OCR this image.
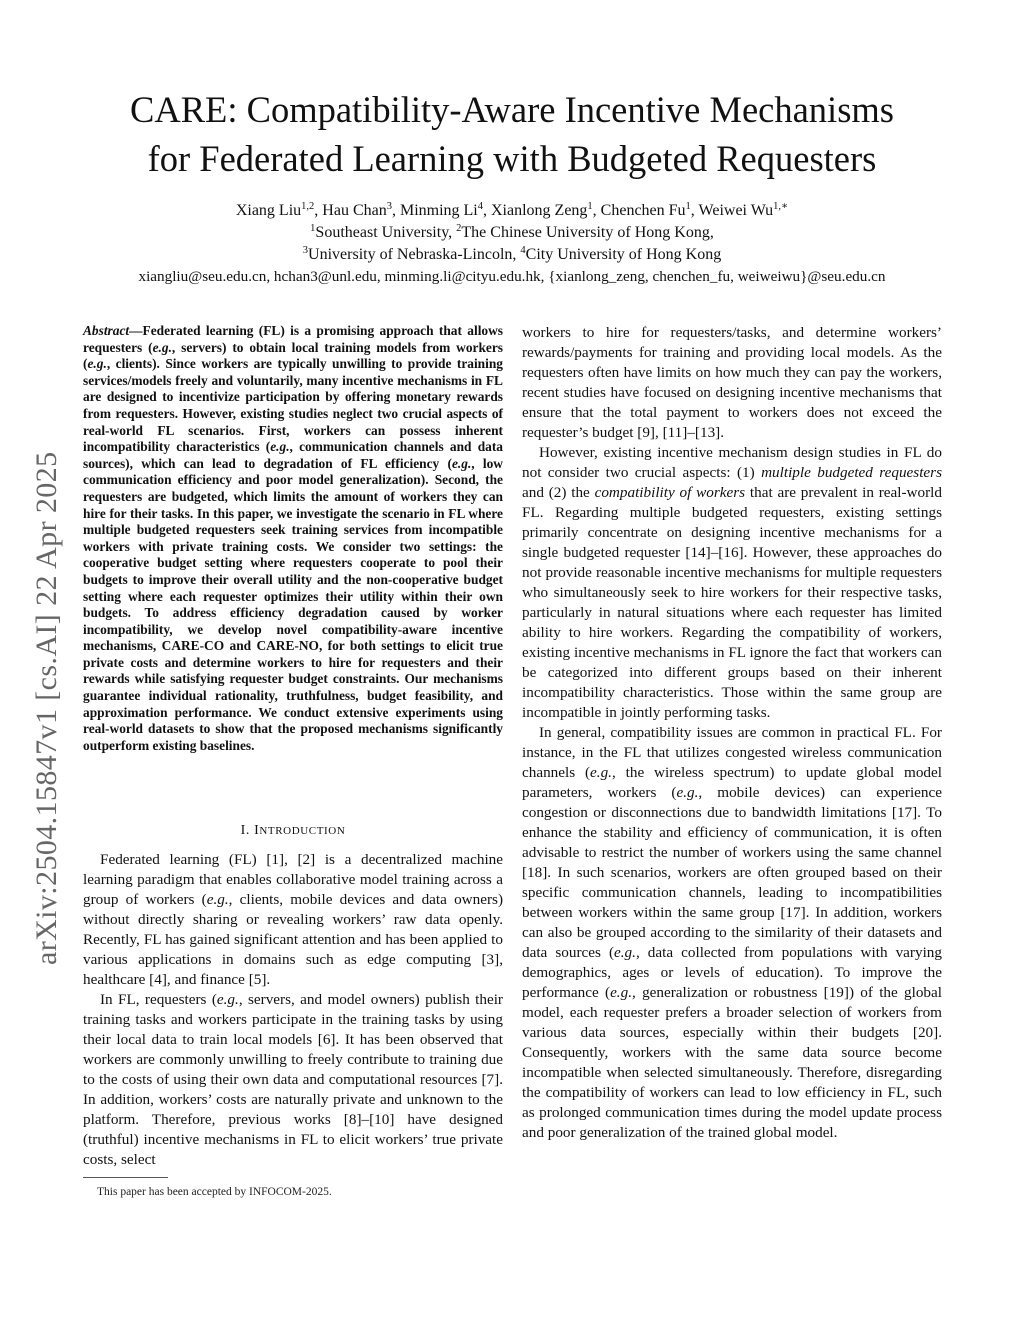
arXiv:2504.15847v1 [cs.AI] 22 Apr 2025
CARE: Compatibility-Aware Incentive Mechanisms
for Federated Learning with Budgeted Requesters
Xiang Liu$^{1,2}$, Hau Chan$^3$, Minming Li$^4$, Xianlong Zeng$^1$, Chenchen Fu$^1$, Weiwei $Wu^{1,∗}$
$^1$Southeast University, $^2$The Chinese University of Hong Kong,
$^3$University of Nebraska-Lincoln, $^4$City University of Hong Kong
xiangliu@seu.edu.cn, hchan3@unl.edu, minming.li@cityu.edu.hk, {xianlong_zeng, chenchen_fu, weiweiwu}@seu.edu.cn
Abstract—Federated learning (FL) is a promising approach that allows requesters (e.g., servers) to obtain local training models from workers (e.g., clients). Since workers are typically unwilling to provide training services/models freely and voluntarily, many incentive mechanisms in FL are designed to incentivize participation by offering monetary rewards from requesters. However, existing studies neglect two crucial aspects of real-world FL scenarios. First, workers can possess inherent incompatibility characteristics (e.g., communication channels and data sources), which can lead to degradation of FL efficiency (e.g., low communication efficiency and poor model generalization). Second, the requesters are budgeted, which limits the amount of workers they can hire for their tasks. In this paper, we investigate the scenario in FL where multiple budgeted requesters seek training services from incompatible workers with private training costs. We consider two settings: the cooperative budget setting where requesters cooperate to pool their budgets to improve their overall utility and the non-cooperative budget setting where each requester optimizes their utility within their own budgets. To address efficiency degradation caused by worker incompatibility, we develop novel compatibility-aware incentive mechanisms, CARE-CO and CARE-NO, for both settings to elicit true private costs and determine workers to hire for requesters and their rewards while satisfying requester budget constraints. Our mechanisms guarantee individual rationality, truthfulness, budget feasibility, and approximation performance. We conduct extensive experiments using real-world datasets to show that the proposed mechanisms significantly outperform existing baselines.
I. INTRODUCTION

Federated learning (FL) [1], [2] is a decentralized machine learning paradigm that enables collaborative model training across a group of workers (e.g., clients, mobile devices and data owners) without directly sharing or revealing workers’ raw data openly. Recently, FL has gained significant attention and has been applied to various applications in domains such as edge computing [3], healthcare [4], and finance [5].

In FL, requesters (e.g., servers, and model owners) publish their training tasks and workers participate in the training tasks by using their local data to train local models [6]. It has been observed that workers are commonly unwilling to freely contribute to training due to the costs of using their own data and computational resources [7]. In addition, workers’ costs are naturally private and unknown to the platform. Therefore, previous works [8]–[10] have designed (truthful) incentive mechanisms in FL to elicit workers’ true private costs, select

This paper has been accepted by INFOCOM-2025.

workers to hire for requesters/tasks, and determine workers’ rewards/payments for training and providing local models. As the requesters often have limits on how much they can pay the workers, recent studies have focused on designing incentive mechanisms that ensure that the total payment to workers does not exceed the requester’s budget [9], [11]–[13].

However, existing incentive mechanism design studies in FL do not consider two crucial aspects: (1) multiple budgeted requesters and (2) the compatibility of workers that are prevalent in real-world FL. Regarding multiple budgeted requesters, existing settings primarily concentrate on designing incentive mechanisms for a single budgeted requester [14]–[16]. However, these approaches do not provide reasonable incentive mechanisms for multiple requesters who simultaneously seek to hire workers for their respective tasks, particularly in natural situations where each requester has limited ability to hire workers. Regarding the compatibility of workers, existing incentive mechanisms in FL ignore the fact that workers can be categorized into different groups based on their inherent incompatibility characteristics. Those within the same group are incompatible in jointly performing tasks.

In general, compatibility issues are common in practical FL. For instance, in the FL that utilizes congested wireless communication channels (e.g., the wireless spectrum) to update global model parameters, workers (e.g., mobile devices) can experience congestion or disconnections due to bandwidth limitations [17]. To enhance the stability and efficiency of communication, it is often advisable to restrict the number of workers using the same channel [18]. In such scenarios, workers are often grouped based on their specific communication channels, leading to incompatibilities between workers within the same group [17]. In addition, workers can also be grouped according to the similarity of their datasets and data sources (e.g., data collected from populations with varying demographics, ages or levels of education). To improve the performance (e.g., generalization or robustness [19]) of the global model, each requester prefers a broader selection of workers from various data sources, especially within their budgets [20]. Consequently, workers with the same data source become incompatible when selected simultaneously. Therefore, disregarding the compatibility of workers can lead to low efficiency in FL, such as prolonged communication times during the model update process and poor generalization of the trained global model.
